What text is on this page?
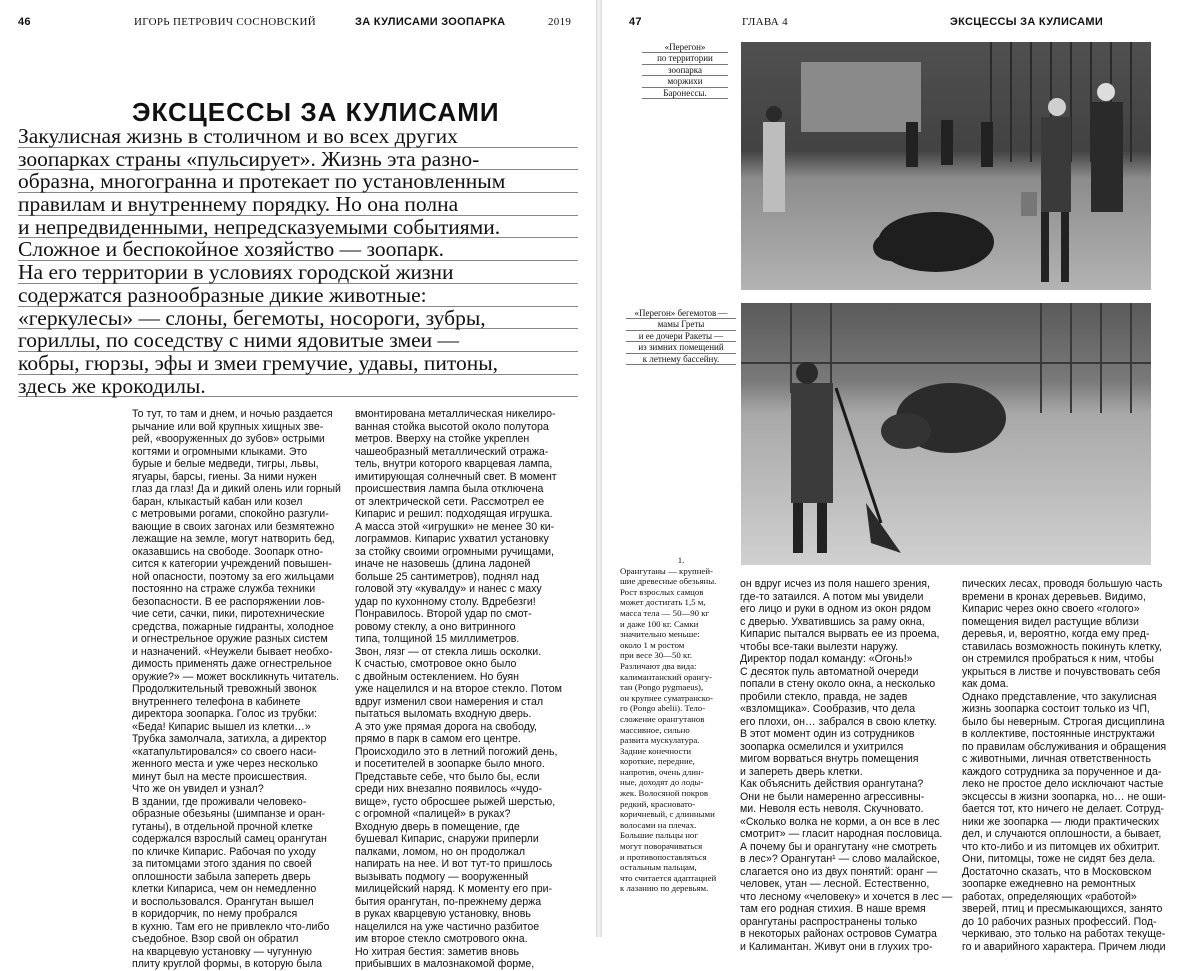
46	ИГОРЬ ПЕТРОВИЧ СОСНОВСКИЙ	ЗА КУЛИСАМИ ЗООПАРКА	2019
ЭКСЦЕССЫ ЗА КУЛИСАМИ
Закулисная жизнь в столичном и во всех других
зоопарках страны «пульсирует». Жизнь эта разно-
образна, многогранна и протекает по установленным
правилам и внутреннему порядку. Но она полна
и непредвиденными, непредсказуемыми событиями.
Сложное и беспокойное хозяйство — зоопарк.
На его территории в условиях городской жизни
содержатся разнообразные дикие животные:
«геркулесы» — слоны, бегемоты, носороги, зубры,
гориллы, по соседству с ними ядовитые змеи —
кобры, гюрзы, эфы и змеи гремучие, удавы, питоны,
здесь же крокодилы.
То тут, то там и днем, и ночью раздается
рычание или вой крупных хищных зве-
рей, «вооруженных до зубов» острыми
когтями и огромными клыками. Это
бурые и белые медведи, тигры, львы,
ягуары, барсы, гиены. За ними нужен
глаз да глаз! Да и дикий олень или горный
баран, клыкастый кабан или козел
с метровыми рогами, спокойно разгули-
вающие в своих загонах или безмятежно
лежащие на земле, могут натворить бед,
оказавшись на свободе. Зоопарк отно-
сится к категории учреждений повышен-
ной опасности, поэтому за его жильцами
постоянно на страже служба техники
безопасности. В ее распоряжении лов-
чие сети, сачки, пики, пиротехнические
средства, пожарные гидранты, холодное
и огнестрельное оружие разных систем
и назначений. «Неужели бывает необхо-
димость применять даже огнестрельное
оружие?» — может воскликнуть читатель.
Продолжительный тревожный звонок
внутреннего телефона в кабинете
директора зоопарка. Голос из трубки:
«Беда! Кипарис вышел из клетки…»
Трубка замолчала, затихла, а директор
«катапультировался» со своего наси-
женного места и уже через несколько
минут был на месте происшествия.
Что же он увидел и узнал?
В здании, где проживали человеко-
образные обезьяны (шимпанзе и оран-
гутаны), в отдельной прочной клетке
содержался взрослый самец орангутан
по кличке Кипарис. Рабочая по уходу
за питомцами этого здания по своей
оплошности забыла запереть дверь
клетки Кипариса, чем он немедленно
и воспользовался. Орангутан вышел
в коридорчик, по нему пробрался
в кухню. Там его не привлекло что-либо
съедобное. Взор свой он обратил
на кварцевую установку — чугунную
плиту круглой формы, в которую была
вмонтирована металлическая никелиро-
ванная стойка высотой около полутора
метров. Вверху на стойке укреплен
чашеобразный металлический отража-
тель, внутри которого кварцевая лампа,
имитирующая солнечный свет. В момент
происшествия лампа была отключена
от электрической сети. Рассмотрел ее
Кипарис и решил: подходящая игрушка.
А масса этой «игрушки» не менее 30 ки-
лограммов. Кипарис ухватил установку
за стойку своими огромными ручищами,
иначе не назовешь (длина ладоней
больше 25 сантиметров), поднял над
головой эту «кувалду» и нанес с маху
удар по кухонному столу. Вдребезги!
Понравилось. Второй удар по смот-
ровому стеклу, а оно витринного
типа, толщиной 15 миллиметров.
Звон, лязг — от стекла лишь осколки.
К счастью, смотровое окно было
с двойным остеклением. Но буян
уже нацелился и на второе стекло. Потом
вдруг изменил свои намерения и стал
пытаться выломать входную дверь.
А это уже прямая дорога на свободу,
прямо в парк в самом его центре.
Происходило это в летний погожий день,
и посетителей в зоопарке было много.
Представьте себе, что было бы, если
среди них внезапно появилось «чудо-
вище», густо обросшее рыжей шерстью,
с огромной «палицей» в руках?
Входную дверь в помещение, где
бушевал Кипарис, снаружи приперли
палками, ломом, но он продолжал
напирать на нее. И вот тут-то пришлось
вызывать подмогу — вооруженный
милицейский наряд. К моменту его при-
бытия орангутан, по-прежнему держа
в руках кварцевую установку, вновь
нацелился на уже частично разбитое
им второе стекло смотрового окна.
Но хитрая бестия: заметив вновь
прибывших в малознакомой форме,
47	ГЛАВА 4	ЭКСЦЕССЫ ЗА КУЛИСАМИ
«Перегон»
по территории
зоопарка
моржихи
Баронессы.
«Перегон» бегемотов —
мамы Греты
и ее дочери Ракеты —
из зимних помещений
к летнему бассейну.
1.
Орангутаны — крупней-
шие древесные обезьяны.
Рост взрослых самцов
может достигать 1,5 м,
масса тела — 50—90 кг
и даже 100 кг. Самки
значительно меньше:
около 1 м ростом
при весе 30—50 кг.
Различают два вида:
калимантанский орангу-
тан (Pongo pygmaeus),
он крупнее суматранско-
го (Pongo abelii). Тело-
сложение орангутанов
массивное, сильно
развита мускулатура.
Задние конечности
короткие, передние,
напротив, очень длин-
ные, доходят до лоды-
жек. Волосяной покров
редкий, красновато-
коричневый, с длинными
волосами на плечах.
Большие пальцы ног
могут поворачиваться
и противопоставляться
остальным пальцам,
что считается адаптацией
к лазанию по деревьям.
он вдруг исчез из поля нашего зрения,
где-то затаился. А потом мы увидели
его лицо и руки в одном из окон рядом
с дверью. Ухватившись за раму окна,
Кипарис пытался вырвать ее из проема,
чтобы все-таки вылезти наружу.
Директор подал команду: «Огонь!»
С десяток пуль автоматной очереди
попали в стену около окна, а несколько
пробили стекло, правда, не задев
«взломщика». Сообразив, что дела
его плохи, он… забрался в свою клетку.
В этот момент один из сотрудников
зоопарка осмелился и ухитрился
мигом ворваться внутрь помещения
и запереть дверь клетки.
Как объяснить действия орангутана?
Они не были намеренно агрессивны-
ми. Неволя есть неволя. Скучновато.
«Сколько волка не корми, а он все в лес
смотрит» — гласит народная пословица.
А почему бы и орангутану «не смотреть
в лес»? Орангутан¹ — слово малайское,
слагается оно из двух понятий: оранг —
человек, утан — лесной. Естественно,
что лесному «человеку» и хочется в лес —
там его родная стихия. В наше время
орангутаны распространены только
в некоторых районах островов Суматра
и Калимантан. Живут они в глухих тро-
пических лесах, проводя большую часть
времени в кронах деревьев. Видимо,
Кипарис через окно своего «голого»
помещения видел растущие вблизи
деревья, и, вероятно, когда ему пред-
ставилась возможность покинуть клетку,
он стремился пробраться к ним, чтобы
укрыться в листве и почувствовать себя
как дома.
Однако представление, что закулисная
жизнь зоопарка состоит только из ЧП,
было бы неверным. Строгая дисциплина
в коллективе, постоянные инструктажи
по правилам обслуживания и обращения
с животными, личная ответственность
каждого сотрудника за порученное и да-
леко не простое дело исключают частые
эксцессы в жизни зоопарка, но… не оши-
бается тот, кто ничего не делает. Сотруд-
ники же зоопарка — люди практических
дел, и случаются оплошности, а бывает,
что кто-либо и из питомцев их обхитрит.
Они, питомцы, тоже не сидят без дела.
Достаточно сказать, что в Московском
зоопарке ежедневно на ремонтных
работах, определяющих «работой»
зверей, птиц и пресмыкающихся, занято
до 10 рабочих разных профессий. Под-
черкиваю, это только на работах текуще-
го и аварийного характера. Причем люди
